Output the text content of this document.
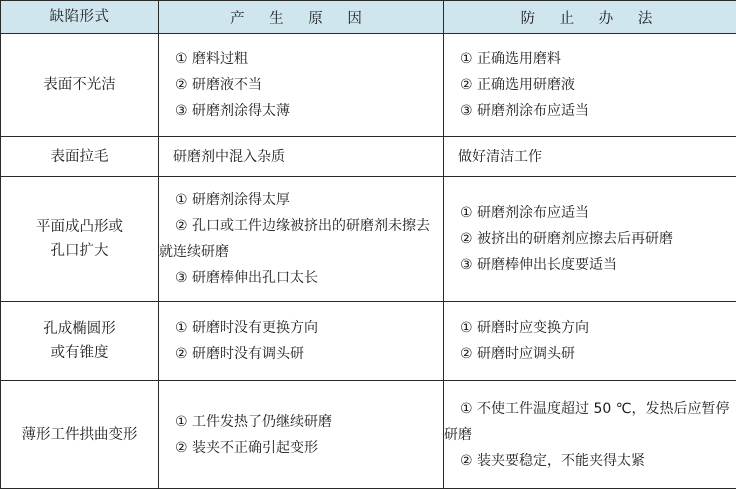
缺陷形式	产 生 原 因	防 止 办 法

表面不光洁	① 磨料过粗
② 研磨液不当
③ 研磨剂涂得太薄	① 正确选用磨料
② 正确选用研磨液
③ 研磨剂涂布应适当

表面拉毛	研磨剂中混入杂质	做好清洁工作

平面成凸形或
孔口扩大	① 研磨剂涂得太厚
② 孔口或工件边缘被挤出的研磨剂未擦去就连续研磨
③ 研磨棒伸出孔口太长	① 研磨剂涂布应适当
② 被挤出的研磨剂应擦去后再研磨
③ 研磨棒伸出长度要适当

孔成椭圆形
或有锥度	① 研磨时没有更换方向
② 研磨时没有调头研	① 研磨时应变换方向
② 研磨时应调头研

薄形工件拱曲变形	① 工件发热了仍继续研磨
② 装夹不正确引起变形	① 不使工件温度超过 50 ℃，发热后应暂停研磨
② 装夹要稳定，不能夹得太紧
